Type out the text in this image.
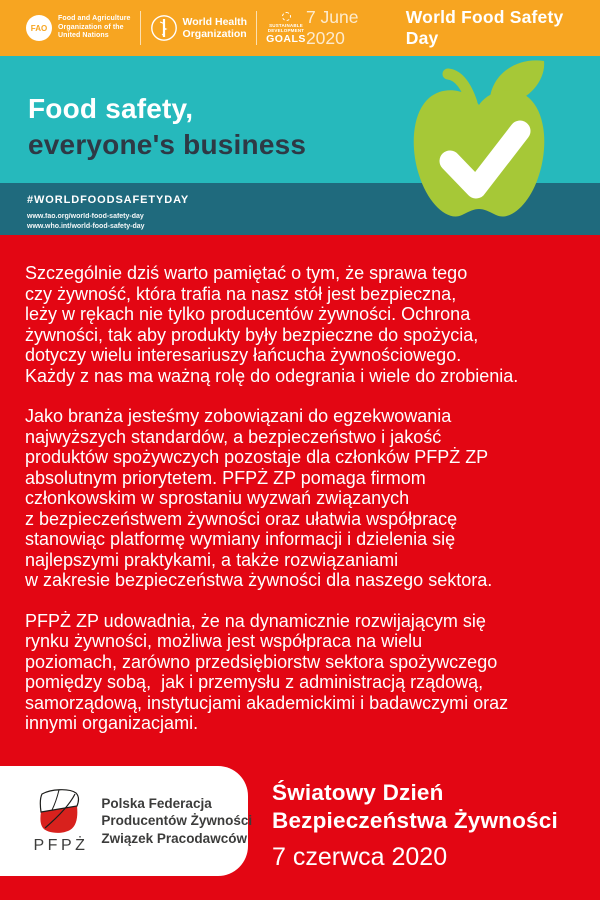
FAO
Food and Agriculture
Organization of the
United Nations
World Health
Organization
SUSTAINABLE
DEVELOPMENT
GOALS
7 June 2020
World Food Safety Day
Food safety,
everyone's business
#WORLDFOODSAFETYDAY
www.fao.org/world-food-safety-day
www.who.int/world-food-safety-day
Szczególnie dziś warto pamiętać o tym, że sprawa tego
czy żywność, która trafia na nasz stół jest bezpieczna,
leży w rękach nie tylko producentów żywności. Ochrona
żywności, tak aby produkty były bezpieczne do spożycia,
dotyczy wielu interesariuszy łańcucha żywnościowego.
Każdy z nas ma ważną rolę do odegrania i wiele do zrobienia.
Jako branża jesteśmy zobowiązani do egzekwowania
najwyższych standardów, a bezpieczeństwo i jakość
produktów spożywczych pozostaje dla członków PFPŻ ZP
absolutnym priorytetem. PFPŻ ZP pomaga firmom
członkowskim w sprostaniu wyzwań związanych
z bezpieczeństwem żywności oraz ułatwia współpracę
stanowiąc platformę wymiany informacji i dzielenia się
najlepszymi praktykami, a także rozwiązaniami
w zakresie bezpieczeństwa żywności dla naszego sektora.
PFPŻ ZP udowadnia, że na dynamicznie rozwijającym się
rynku żywności, możliwa jest współpraca na wielu
poziomach, zarówno przedsiębiorstw sektora spożywczego
pomiędzy sobą,  jak i przemysłu z administracją rządową,
samorządową, instytucjami akademickimi i badawczymi oraz
innymi organizacjami.
PFPŻ
Polska Federacja
Producentów Żywności
Związek Pracodawców
Światowy Dzień
Bezpieczeństwa Żywności
7 czerwca 2020
